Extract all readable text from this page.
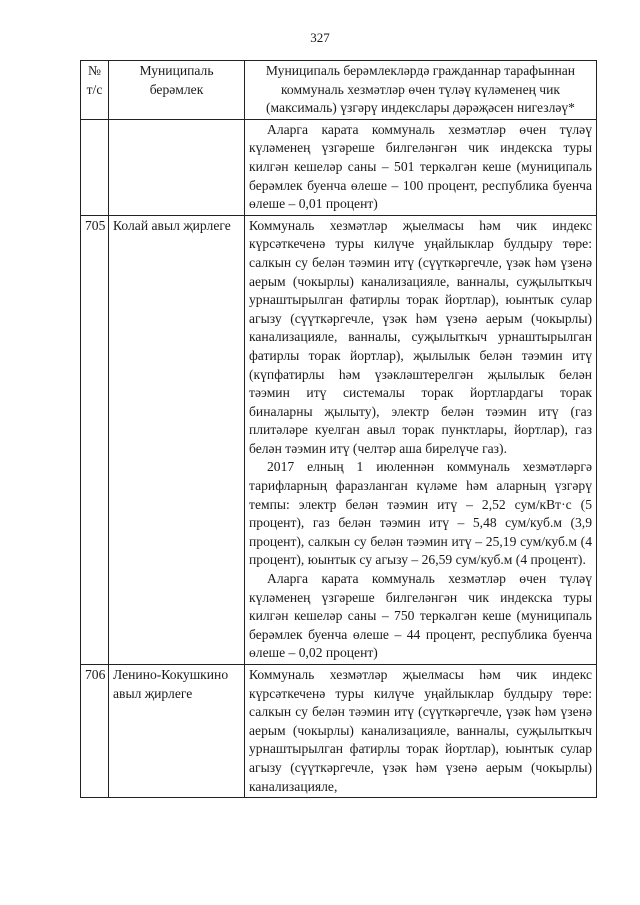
327
№ т/с	Муниципаль берәмлек	Муниципаль берәмлекләрдә гражданнар тарафыннан коммуналь хезмәтләр өчен түләү күләменең чик (максималь) үзгәрү индекслары дәрәҗәсен нигезләү*

		Аларга карата коммуналь хезмәтләр өчен түләү күләменең үзгәреше билгеләнгән чик индекска туры килгән кешеләр саны – 501 теркәлгән кеше (муниципаль берәмлек буенча өлеше – 100 процент, республика буенча өлеше – 0,01 процент)

705	Колай авыл җирлеге	Коммуналь хезмәтләр җыелмасы һәм чик индекс күрсәткеченә туры килүче уңайлыклар булдыру төре: салкын су белән тәэмин итү (сүүткәргечле, үзәк һәм үзенә аерым (чокырлы) канализацияле, ванналы, суҗылыткыч урнаштырылган фатирлы торак йортлар), юынтык сулар агызу (сүүткәргечле, үзәк һәм үзенә аерым (чокырлы) канализацияле, ванналы, суҗылыткыч урнаштырылган фатирлы торак йортлар), җылылык белән тәэмин итү (күпфатирлы һәм үзәкләштерелгән җылылык белән тәэмин итү системалы торак йортлардагы торак биналарны җылыту), электр белән тәэмин итү (газ плитәләре куелган авыл торак пунктлары, йортлар), газ белән тәэмин итү (челтәр аша бирелүче газ).

2017 елның 1 июленнән коммуналь хезмәтләргә тарифларның фаразланган күләме һәм аларның үзгәрү темпы: электр белән тәэмин итү – 2,52 сум/кВт·с (5 процент), газ белән тәэмин итү – 5,48 сум/куб.м (3,9 процент), салкын су белән тәэмин итү – 25,19 сум/куб.м (4 процент), юынтык су агызу – 26,59 сум/куб.м (4 процент).

Аларга карата коммуналь хезмәтләр өчен түләү күләменең үзгәреше билгеләнгән чик индекска туры килгән кешеләр саны – 750 теркәлгән кеше (муниципаль берәмлек буенча өлеше – 44 процент, республика буенча өлеше – 0,02 процент)

706	Ленино-Кокушкино авыл җирлеге	Коммуналь хезмәтләр җыелмасы һәм чик индекс күрсәткеченә туры килүче уңайлыклар булдыру төре: салкын су белән тәэмин итү (сүүткәргечле, үзәк һәм үзенә аерым (чокырлы) канализацияле, ванналы, суҗылыткыч урнаштырылган фатирлы торак йортлар), юынтык сулар агызу (сүүткәргечле, үзәк һәм үзенә аерым (чокырлы) канализацияле,
